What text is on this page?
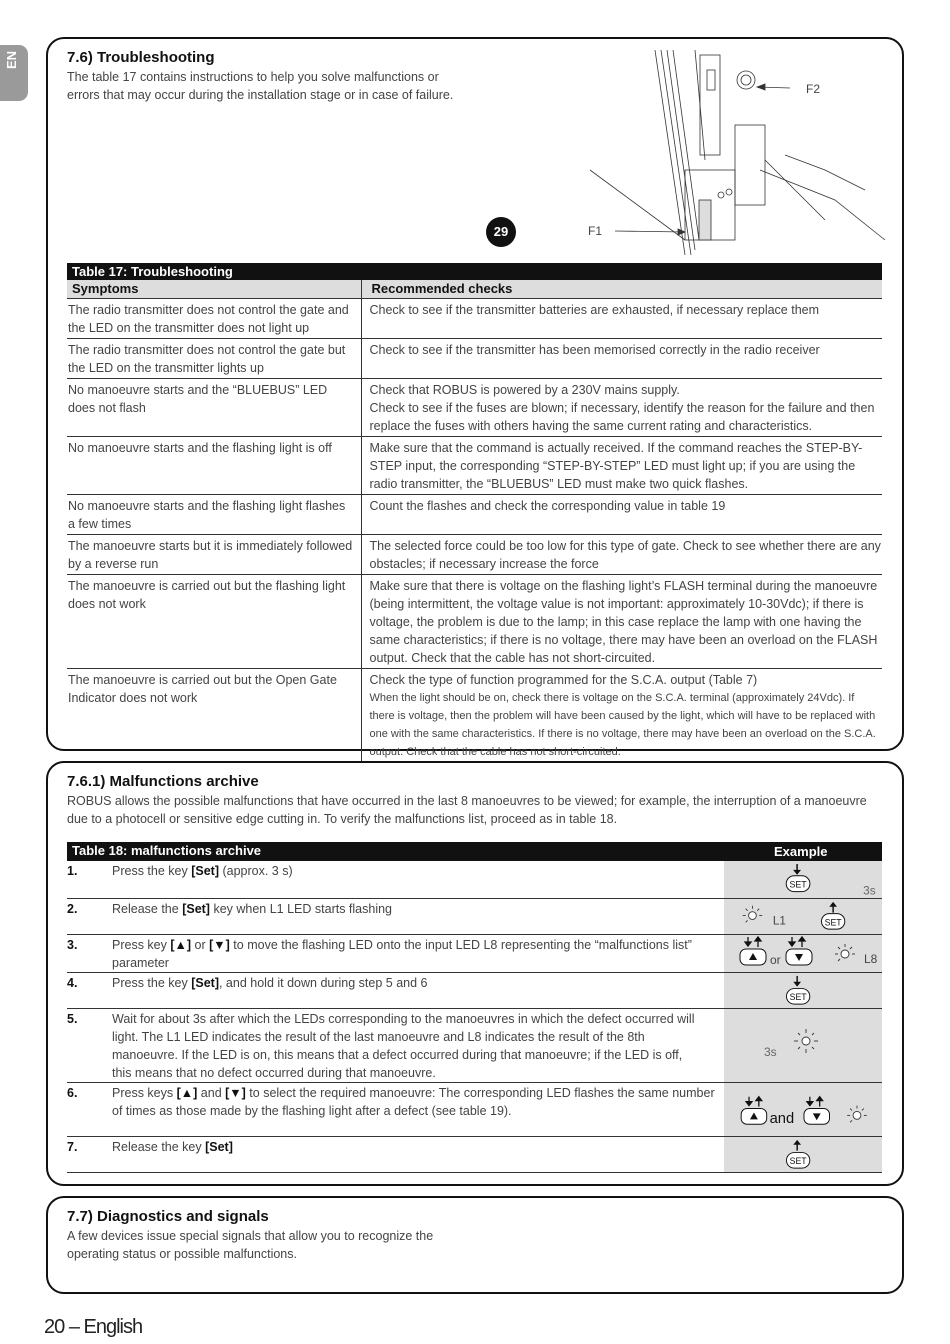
EN	7.6) Troubleshooting

The table 17 contains instructions to help you solve malfunctions or errors that may occur during the installation stage or in case of failure.	F2
F1
29
Table 17: Troubleshooting	
Symptoms	Recommended checks
The radio transmitter does not control the gate and the LED on the transmitter does not light up	Check to see if the transmitter batteries are exhausted, if necessary replace them
The radio transmitter does not control the gate but the LED on the transmitter lights up	Check to see if the transmitter has been memorised correctly in the radio receiver
No manoeuvre starts and the “BLUEBUS” LED does not flash	Check that ROBUS is powered by a 230V mains supply.
Check to see if the fuses are blown; if necessary, identify the reason for the failure and then replace the fuses with others having the same current rating and characteristics.

No manoeuvre starts and the flashing light is off	Make sure that the command is actually received. If the command reaches the STEP-BY-STEP input, the corresponding “STEP-BY-STEP” LED must light up; if you are using the radio transmitter, the “BLUEBUS” LED must make two quick flashes.
No manoeuvre starts and the flashing light flashes a few times	Count the flashes and check the corresponding value in table 19
The manoeuvre starts but it is immediately followed by a reverse run	The selected force could be too low for this type of gate. Check to see whether there are any obstacles; if necessary increase the force
The manoeuvre is carried out but the flashing light does not work	Make sure that there is voltage on the flashing light’s FLASH terminal during the manoeuvre (being intermittent, the voltage value is not important: approximately 10-30Vdc); if there is voltage, the problem is due to the lamp; in this case replace the lamp with one having the same characteristics; if there is no voltage, there may have been an overload on the FLASH output. Check that the cable has not short-circuited.
The manoeuvre is carried out but the Open Gate Indicator does not work	Check the type of function programmed for the S.C.A. output (Table 7)
When the light should be on, check there is voltage on the S.C.A. terminal (approximately 24Vdc). If there is voltage, then the problem will have been caused by the light, which will have to be replaced with one with the same characteristics. If there is no voltage, there may have been an overload on the S.C.A. output. Check that the cable has not short-circuited.
7.6.1) Malfunctions archive

ROBUS allows the possible malfunctions that have occurred in the last 8 manoeuvres to be viewed; for example, the interruption of a manoeuvre due to a photocell or sensitive edge cutting in. To verify the malfunctions list, proceed as in table 18.

Table 18: malfunctions archive		Example
1.	Press the key [Set] (approx. 3 s)	SET 3s

2.	Release the [Set] key when L1 LED starts flashing	L1 SET

3.	Press key [▲] or [▼] to move the flashing LED onto the input LED L8 representing the “malfunctions list” parameter	or L8

4.	Press the key [Set], and hold it down during step 5 and 6	SET

5.	Wait for about 3s after which the LEDs corresponding to the manoeuvres in which the defect occurred will light. The L1 LED indicates the result of the last manoeuvre and L8 indicates the result of the 8th manoeuvre. If the LED is on, this means that a defect occurred during that manoeuvre; if the LED is off, this means that no defect occurred during that manoeuvre.	3s

6.	Press keys [▲] and [▼] to select the required manoeuvre: The corresponding LED flashes the same number of times as those made by the flashing light after a defect (see table 19).	and

7.	Release the key [Set]	SET
7.7) Diagnostics and signals

A few devices issue special signals that allow you to recognize the operating status or possible malfunctions.

20 – English
